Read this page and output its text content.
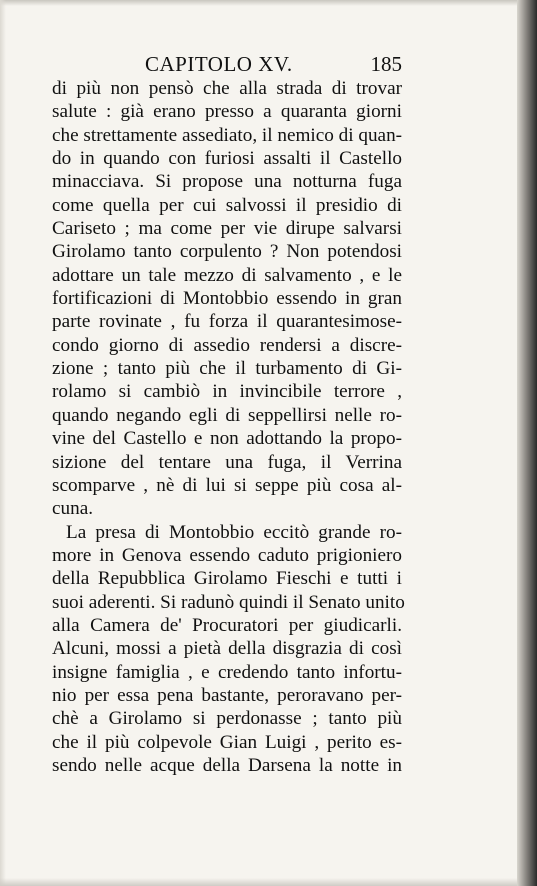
CAPITOLO XV.	185
di più non pensò che alla strada di trovar
salute : già erano presso a quaranta giorni
che strettamente assediato, il nemico di quan-
do in quando con furiosi assalti il Castello
minacciava. Si propose una notturna fuga
come quella per cui salvossi il presidio di
Cariseto ; ma come per vie dirupe salvarsi
Girolamo tanto corpulento ? Non potendosi
adottare un tale mezzo di salvamento , e le
fortificazioni di Montobbio essendo in gran
parte rovinate , fu forza il quarantesimose-
condo giorno di assedio rendersi a discre-
zione ; tanto più che il turbamento di Gi-
rolamo si cambiò in invincibile terrore ,
quando negando egli di seppellirsi nelle ro-
vine del Castello e non adottando la propo-
sizione del tentare una fuga, il Verrina
scomparve , nè di lui si seppe più cosa al-
cuna.
La presa di Montobbio eccitò grande ro-
more in Genova essendo caduto prigioniero
della Repubblica Girolamo Fieschi e tutti i
suoi aderenti. Si radunò quindi il Senato unito
alla Camera de' Procuratori per giudicarli.
Alcuni, mossi a pietà della disgrazia di così
insigne famiglia , e credendo tanto infortu-
nio per essa pena bastante, peroravano per-
chè a Girolamo si perdonasse ; tanto più
che il più colpevole Gian Luigi , perito es-
sendo nelle acque della Darsena la notte in
